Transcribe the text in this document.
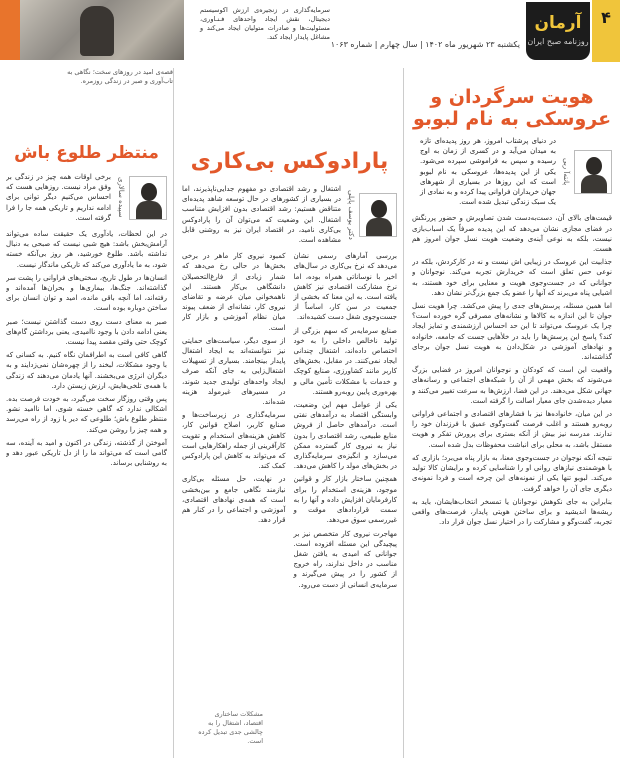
۴
آرمان
روزنامه صبح ایران
یکشنبه ۲۳ شهریور ماه ۱۴۰۲ | سال چهارم | شماره ۱۰۶۳
سرمایه‌گذاری در زنجیره‌ی ارزش اکوسیستم دیجیتال، نقش ایجاد واحدهای فـنـاوری، مسئولیت‌ها و صادرات متولیان ایجاد می‌کند و مشاغل پایدار ایجاد کند.
هویت سرگردان و عروسکی به نام لبوبو
پانته‌آ ربی
در دنیای پرشتاب امروز، هر روز پدیده‌ای تازه به میدان می‌آید و در کسری از زمان به اوج رسیده و سپس به فراموشی سپرده می‌شود. یکی از این پدیده‌ها، عروسکی به نام لبوبو است که این روزها در بسیاری از شهرهای جهان خریداران فراوانی پیدا کرده و به نمادی از یک سبک زندگی تبدیل شده است.

قیمت‌های بالای آن، دست‌به‌دست شدن تصاویرش و حضور پررنگش در فضای مجازی نشان می‌دهد که این پدیده صرفاً یک اسباب‌بازی نیست، بلکه به نوعی آینه‌ی وضعیت هویت نسل جوان امروز هم هست.

جذابیت این عروسک در زیبایی اش نیست و نه در کارکردش، بلکه در نوعی حس تعلق است که خریدارش تجربه می‌کند. نوجوانان و جوانانی که در جست‌وجوی هویت و معنایی برای خود هستند، به اشیایی پناه می‌برند که آنها را عضو یک جمع بزرگ‌تر نشان دهد.

اما همین مسئله، پرسش‌های جدی را پیش می‌کشد. چرا هویت نسل جوان تا این اندازه به کالاها و نشانه‌های مصرفی گره خورده است؟ چرا یک عروسک می‌تواند تا این حد احساس ارزشمندی و تمایز ایجاد کند؟ پاسخ این پرسش‌ها را باید در خلأ‌هایی جست که جامعه، خانواده و نهادهای آموزشی در شکل‌دادن به هویت نسل جوان برجای گذاشته‌اند.

واقعیت این است که کودکان و نوجوانان امروز در فضایی بزرگ می‌شوند که بخش مهمی از آن را شبکه‌های اجتماعی و رسانه‌های جهانی شکل می‌دهند. در این فضا، ارزش‌ها به سرعت تغییر می‌کنند و معیار دیده‌شدن جای معیار اصالت را گرفته است.

در این میان، خانواده‌ها نیز با فشارهای اقتصادی و اجتماعی فراوانی روبه‌رو هستند و اغلب فرصت گفت‌وگوی عمیق با فرزندان خود را ندارند. مدرسه نیز بیش از آنکه بستری برای پرورش تفکر و هویت مستقل باشد، به محلی برای انباشت محفوظات بدل شده است.

نتیجه آنکه نوجوان در جست‌وجوی معنا، به بازار پناه می‌برد؛ بازاری که با هوشمندی نیازهای روانی او را شناسایی کرده و برایشان کالا تولید می‌کند. لبوبو تنها یکی از نمونه‌های این چرخه است و فردا نمونه‌ی دیگری جای آن را خواهد گرفت.

بنابراین به جای نکوهش نوجوانان یا تمسخر انتخاب‌هایشان، باید به ریشه‌ها اندیشید و برای ساختن هویتی پایدار، فرصت‌های واقعی تجربه، گفت‌وگو و مشارکت را در اختیار نسل جوان قرار داد.

پارادوکس بی‌کاری
دکتر یوسف پاپلی
اشتغال و رشد اقتصادی دو مفهوم جدایی‌ناپذیرند، اما در بسیاری از کشورهای در حال توسعه شاهد پدیده‌ای متناقض هستیم: رشد اقتصادی بدون افزایش متناسب اشتغال. این وضعیت که می‌توان آن را پارادوکس بی‌کاری نامید، در اقتصاد ایران نیز به روشنی قابل مشاهده است.

بررسی آمارهای رسمی نشان می‌دهد که نرخ بی‌کاری در سال‌های اخیر با نوساناتی همراه بوده، اما نرخ مشارکت اقتصادی نیز کاهش یافته است. به این معنا که بخشی از جمعیت در سن کار، اساساً از جست‌وجوی شغل دست کشیده‌اند.

صنایع سرمایه‌بر که سهم بزرگی از تولید ناخالص داخلی را به خود اختصاص داده‌اند، اشتغال چندانی ایجاد نمی‌کنند. در مقابل، بخش‌های کاربر مانند کشاورزی، صنایع کوچک و خدمات با مشکلات تأمین مالی و بهره‌وری پایین روبه‌رو هستند.

یکی از عوامل مهم این وضعیت، وابستگی اقتصاد به درآمدهای نفتی است. درآمدهای حاصل از فروش منابع طبیعی، رشد اقتصادی را بدون نیاز به نیروی کار گسترده ممکن می‌سازد و انگیزه‌ی سرمایه‌گذاری در بخش‌های مولد را کاهش می‌دهد.

همچنین ساختار بازار کار و قوانین موجود، هزینه‌ی استخدام را برای کارفرمایان افزایش داده و آنها را به سمت قراردادهای موقت و غیررسمی سوق می‌دهد.

مهاجرت نیروی کار متخصص نیز بر پیچیدگی این مسئله افزوده است. جوانانی که امیدی به یافتن شغل مناسب در داخل ندارند، راه خروج از کشور را در پیش می‌گیرند و سرمایه‌ی انسانی از دست می‌رود.

کمبود نیروی کار ماهر در برخی بخش‌ها در حالی رخ می‌دهد که شمار زیادی از فارغ‌التحصیلان دانشگاهی بی‌کار هستند. این ناهمخوانی میان عرضه و تقاضای نیروی کار، نشانه‌ای از ضعف پیوند میان نظام آموزشی و بازار کار است.

از سوی دیگر، سیاست‌های حمایتی نیز نتوانسته‌اند به ایجاد اشتغال پایدار بینجامند. بسیاری از تسهیلات اشتغال‌زایی به جای آنکه صرف ایجاد واحدهای تولیدی جدید شوند، در مسیرهای غیرمولد هزینه شده‌اند.

سرمایه‌گذاری در زیرساخت‌ها و صنایع کاربر، اصلاح قوانین کار، کاهش هزینه‌های استخدام و تقویت کارآفرینی از جمله راهکارهایی است که می‌تواند به کاهش این پارادوکس کمک کند.

در نهایت، حل مسئله بی‌کاری نیازمند نگاهی جامع و بین‌بخشی است که همه‌ی نهادهای اقتصادی، آموزشی و اجتماعی را در کنار هم قرار دهد.

مشکلات ساختاری اقتصاد، اشتغال را به چالشی جدی تبدیل کرده است.
قصه‌ی امید در روزهای سخت؛ نگاهی به تاب‌آوری و صبر در زندگی روزمره.
منتظر طلوع باش
سپیده سالاری
برخی اوقات همه چیز در زندگی بر وفق مراد نیست. روزهایی هست که احساس می‌کنیم دیگر توانی برای ادامه نداریم و تاریکی همه جا را فرا گرفته است.

در این لحظات، یادآوری یک حقیقت ساده می‌تواند آرامش‌بخش باشد: هیچ شبی نیست که صبحی به دنبال نداشته باشد. طلوع خورشید، هر روز بی‌آنکه خسته شود، به ما یادآوری می‌کند که تاریکی ماندگار نیست.

انسان‌ها در طول تاریخ، سختی‌های فراوانی را پشت سر گذاشته‌اند. جنگ‌ها، بیماری‌ها و بحران‌ها آمده‌اند و رفته‌اند، اما آنچه باقی مانده، امید و توان انسان برای ساختن دوباره بوده است.

صبر به معنای دست روی دست گذاشتن نیست؛ صبر یعنی ادامه دادن با وجود ناامیدی، یعنی برداشتن گام‌های کوچک حتی وقتی مقصد پیدا نیست.

گاهی کافی است به اطرافمان نگاه کنیم. به کسانی که با وجود مشکلات، لبخند را از چهره‌شان نمی‌زدایند و به دیگران انرژی می‌بخشند. آنها یادمان می‌دهند که زندگی با همه‌ی تلخی‌هایش، ارزش زیستن دارد.

پس وقتی روزگار سخت می‌گیرد، به خودت فرصت بده. اشکالی ندارد که گاهی خسته شوی، اما ناامید نشو. منتظر طلوع باش؛ طلوعی که دیر یا زود از راه می‌رسد و همه چیز را روشن می‌کند.

آموختن از گذشته، زندگی در اکنون و امید به آینده، سه گامی است که می‌تواند ما را از دل تاریکی عبور دهد و به روشنایی برساند.
